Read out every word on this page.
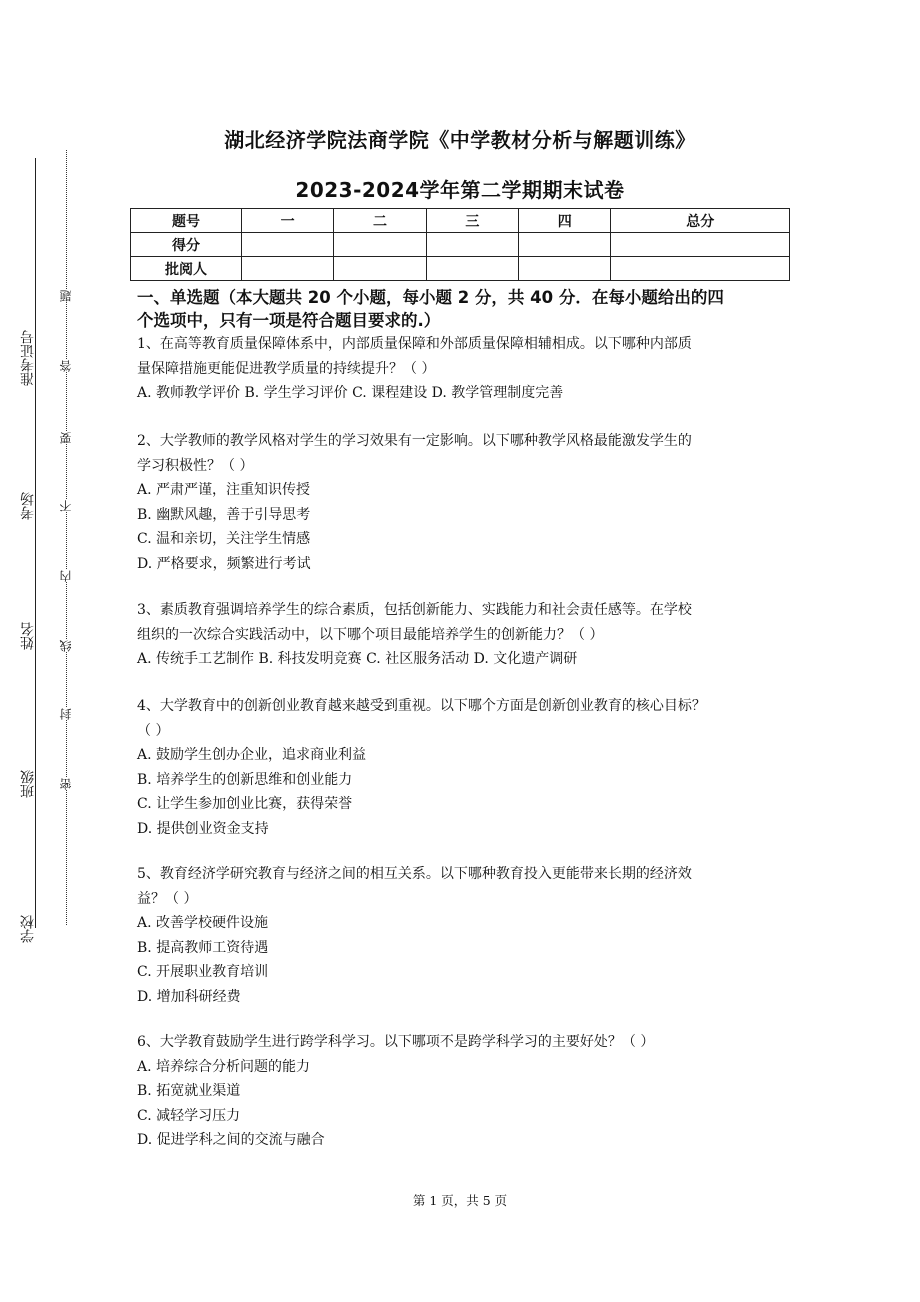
准考证号
考场
姓名
班级
学校
题
答
要
不
内
线
封
密
湖北经济学院法商学院《中学教材分析与解题训练》
2023-2024学年第二学期期末试卷
题号	一	二	三	四	总分
得分					
批阅人					
一、单选题（本大题共 20 个小题，每小题 2 分，共 40 分．在每小题给出的四
个选项中，只有一项是符合题目要求的.）

1、在高等教育质量保障体系中，内部质量保障和外部质量保障相辅相成。以下哪种内部质

量保障措施更能促进教学质量的持续提升？（ ）

A. 教师教学评价 B. 学生学习评价 C. 课程建设 D. 教学管理制度完善

2、大学教师的教学风格对学生的学习效果有一定影响。以下哪种教学风格最能激发学生的

学习积极性？（ ）

A. 严肃严谨，注重知识传授

B. 幽默风趣，善于引导思考

C. 温和亲切，关注学生情感

D. 严格要求，频繁进行考试

3、素质教育强调培养学生的综合素质，包括创新能力、实践能力和社会责任感等。在学校

组织的一次综合实践活动中，以下哪个项目最能培养学生的创新能力？（ ）

A. 传统手工艺制作 B. 科技发明竞赛 C. 社区服务活动 D. 文化遗产调研

4、大学教育中的创新创业教育越来越受到重视。以下哪个方面是创新创业教育的核心目标？

（ ）

A. 鼓励学生创办企业，追求商业利益

B. 培养学生的创新思维和创业能力

C. 让学生参加创业比赛，获得荣誉

D. 提供创业资金支持

5、教育经济学研究教育与经济之间的相互关系。以下哪种教育投入更能带来长期的经济效

益？（ ）

A. 改善学校硬件设施

B. 提高教师工资待遇

C. 开展职业教育培训

D. 增加科研经费

6、大学教育鼓励学生进行跨学科学习。以下哪项不是跨学科学习的主要好处？（ ）

A. 培养综合分析问题的能力

B. 拓宽就业渠道

C. 减轻学习压力

D. 促进学科之间的交流与融合

第 1 页，共 5 页
